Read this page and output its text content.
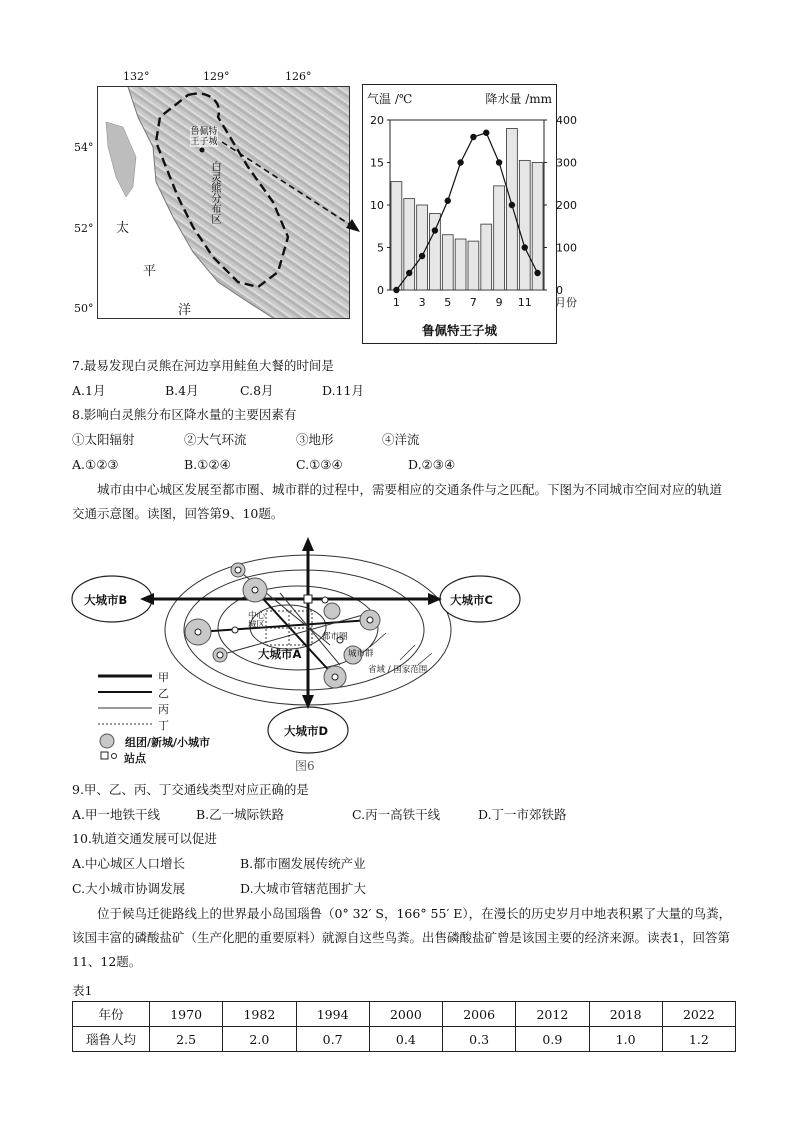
132°	129°	126°
54°
52°
50°
鲁佩特王子城
白灵熊分布区
太
平
洋
气温 /℃	降水量 /mm
鲁佩特王子城
0
5
10
15
20
0
100
200
300
400
1 3 5 7 9 11 月份
7.最易发现白灵熊在河边享用鲑鱼大餐的时间是
A.1月	B.4月	C.8月	D.11月
8.影响白灵熊分布区降水量的主要因素有
①太阳辐射	②大气环流	③地形	④洋流
A.①②③	B.①②④	C.①③④	D.②③④
城市由中心城区发展至都市圈、城市群的过程中，需要相应的交通条件与之匹配。下图为不同城市空间对应的轨道交通示意图。读图，回答第9、10题。
大城市B	大城市C
大城市D
大城市A
中心城区
都市圈
城市群
省域 / 国家范围
甲
乙
丙
丁
组团/新城/小城市
站点
图6
9.甲、乙、丙、丁交通线类型对应正确的是
A.甲一地铁干线	B.乙一城际铁路	C.丙一高铁干线	D.丁一市郊铁路
10.轨道交通发展可以促进
A.中心城区人口增长	B.都市圈发展传统产业
C.大小城市协调发展	D.大城市管辖范围扩大
位于候鸟迁徙路线上的世界最小岛国瑙鲁（0° 32′ S，166° 55′ E），在漫长的历史岁月中地表积累了大量的鸟粪，该国丰富的磷酸盐矿（生产化肥的重要原料）就源自这些鸟粪。出售磷酸盐矿曾是该国主要的经济来源。读表1，回答第11、12题。
表1
年份	1970	1982	1994	2000	2006	2012	2018	2022
瑙鲁人均	2.5	2.0	0.7	0.4	0.3	0.9	1.0	1.2
